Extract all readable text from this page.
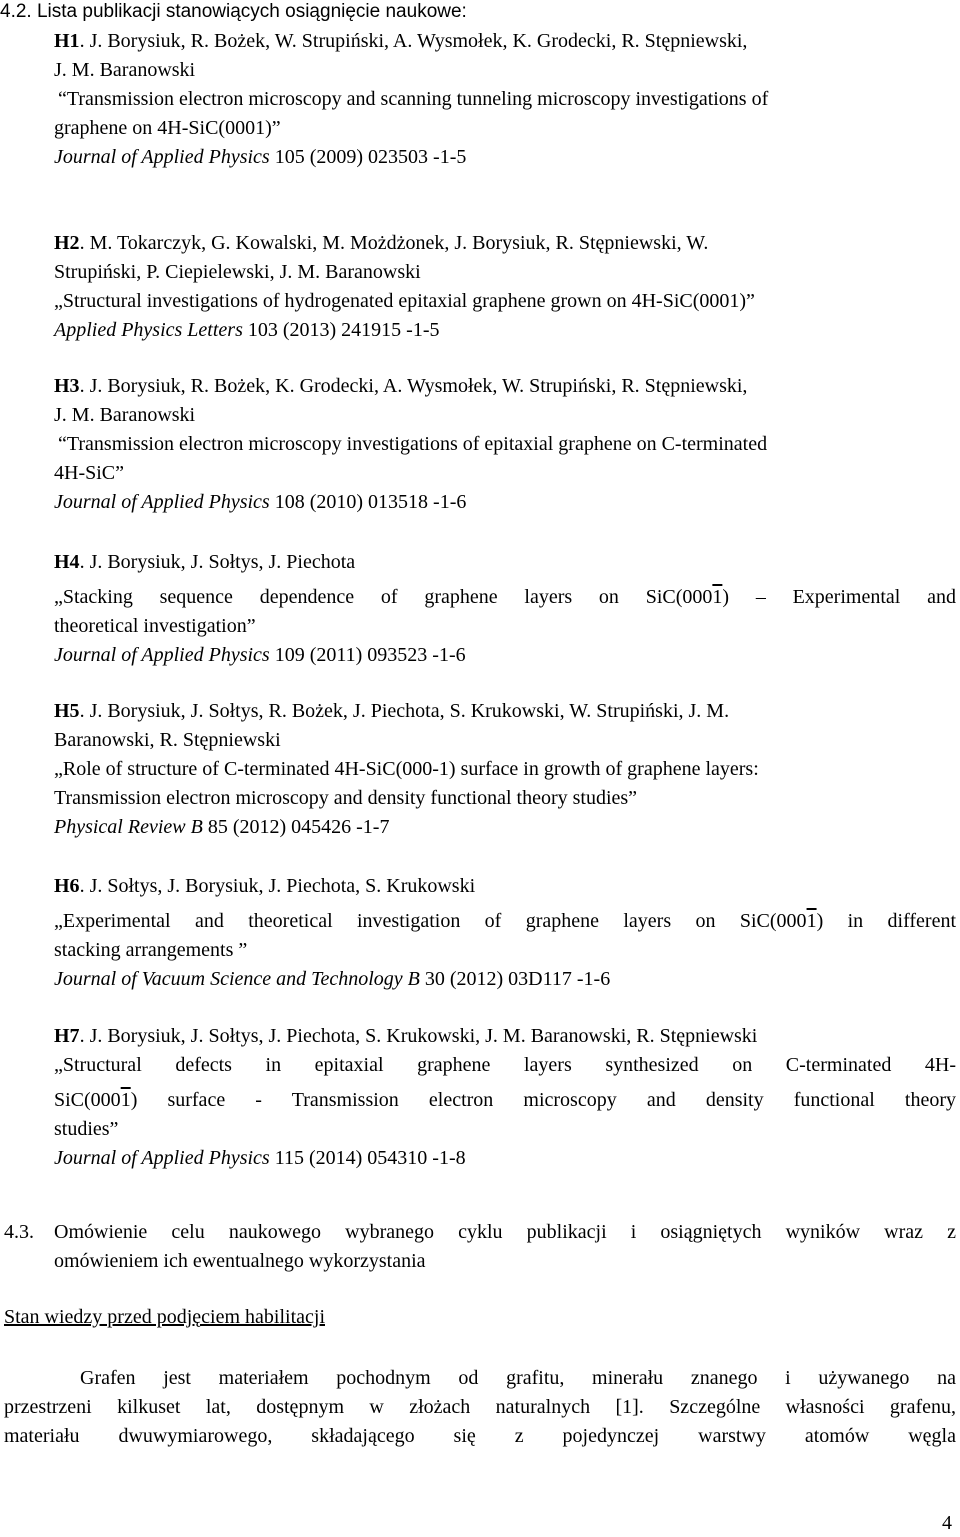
4.2. Lista publikacji stanowiących osiągnięcie naukowe:
H1. J. Borysiuk, R. Bożek, W. Strupiński, A. Wysmołek, K. Grodecki, R. Stępniewski,
J. M. Baranowski
“Transmission electron microscopy and scanning tunneling microscopy investigations of
graphene on 4H-SiC(0001)”
Journal of Applied Physics 105 (2009) 023503 -1-5
H2. M. Tokarczyk, G. Kowalski, M. Możdżonek, J. Borysiuk, R. Stępniewski, W.
Strupiński, P. Ciepielewski, J. M. Baranowski
„Structural investigations of hydrogenated epitaxial graphene grown on 4H-SiC(0001)”
Applied Physics Letters 103 (2013) 241915 -1-5
H3. J. Borysiuk, R. Bożek, K. Grodecki, A. Wysmołek, W. Strupiński, R. Stępniewski,
J. M. Baranowski
“Transmission electron microscopy investigations of epitaxial graphene on C-terminated
4H-SiC”
Journal of Applied Physics 108 (2010) 013518 -1-6
H4. J. Borysiuk, J. Sołtys, J. Piechota
„Stacking sequence dependence of graphene layers on SiC(0001) – Experimental and
theoretical investigation”
Journal of Applied Physics 109 (2011) 093523 -1-6
H5. J. Borysiuk, J. Sołtys, R. Bożek, J. Piechota, S. Krukowski, W. Strupiński, J. M.
Baranowski, R. Stępniewski
„Role of structure of C-terminated 4H-SiC(000-1) surface in growth of graphene layers:
Transmission electron microscopy and density functional theory studies”
Physical Review B 85 (2012) 045426 -1-7
H6. J. Sołtys, J. Borysiuk, J. Piechota, S. Krukowski
„Experimental and theoretical investigation of graphene layers on SiC(0001) in different
stacking arrangements ”
Journal of Vacuum Science and Technology B 30 (2012) 03D117 -1-6
H7. J. Borysiuk, J. Sołtys, J. Piechota, S. Krukowski, J. M. Baranowski, R. Stępniewski
„Structural defects in epitaxial graphene layers synthesized on C-terminated 4H-
SiC(0001) surface - Transmission electron microscopy and density functional theory
studies”
Journal of Applied Physics 115 (2014) 054310 -1-8
4.3. Omówienie celu naukowego wybranego cyklu publikacji i osiągniętych wyników wraz z
omówieniem ich ewentualnego wykorzystania
Stan wiedzy przed podjęciem habilitacji
Grafen jest materiałem pochodnym od grafitu, minerału znanego i używanego na
przestrzeni kilkuset lat, dostępnym w złożach naturalnych [1]. Szczególne własności grafenu,
materiału dwuwymiarowego, składającego się z pojedynczej warstwy atomów węgla
4
